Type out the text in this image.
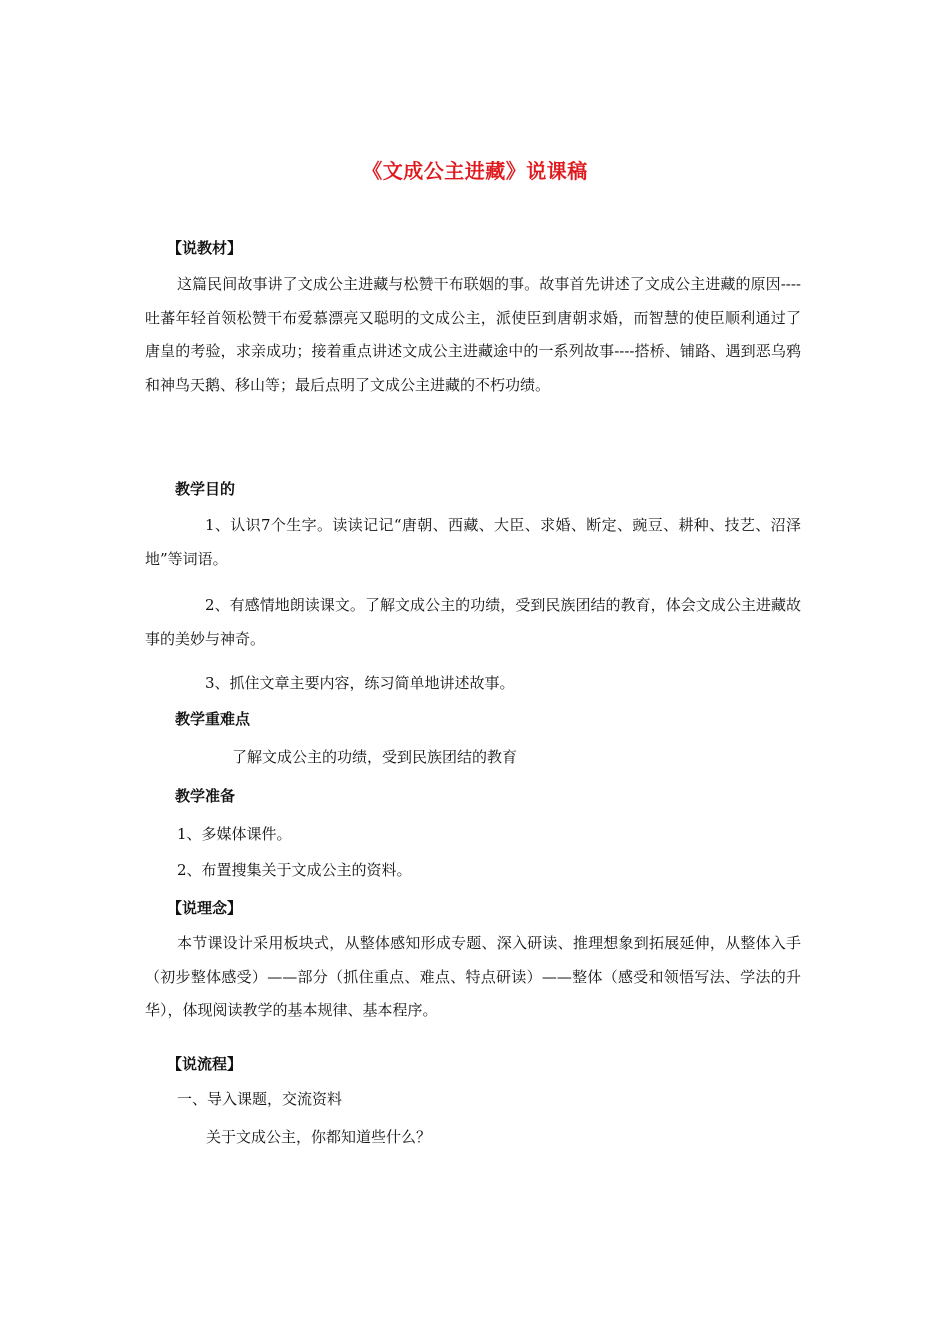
《文成公主进藏》说课稿
【说教材】
这篇民间故事讲了文成公主进藏与松赞干布联姻的事。故事首先讲述了文成公主进藏的原因----吐蕃年轻首领松赞干布爱慕漂亮又聪明的文成公主，派使臣到唐朝求婚，而智慧的使臣顺利通过了唐皇的考验，求亲成功；接着重点讲述文成公主进藏途中的一系列故事----搭桥、铺路、遇到恶乌鸦和神鸟天鹅、移山等；最后点明了文成公主进藏的不朽功绩。
教学目的
1、认识7个生字。读读记记“唐朝、西藏、大臣、求婚、断定、豌豆、耕种、技艺、沼泽地”等词语。
2、有感情地朗读课文。了解文成公主的功绩，受到民族团结的教育，体会文成公主进藏故事的美妙与神奇。
3、抓住文章主要内容，练习简单地讲述故事。
教学重难点
了解文成公主的功绩，受到民族团结的教育
教学准备
1、多媒体课件。
2、布置搜集关于文成公主的资料。
【说理念】
本节课设计采用板块式，从整体感知形成专题、深入研读、推理想象到拓展延伸，从整体入手（初步整体感受）——部分（抓住重点、难点、特点研读）——整体（感受和领悟写法、学法的升华），体现阅读教学的基本规律、基本程序。
【说流程】
一、导入课题，交流资料
关于文成公主，你都知道些什么？
